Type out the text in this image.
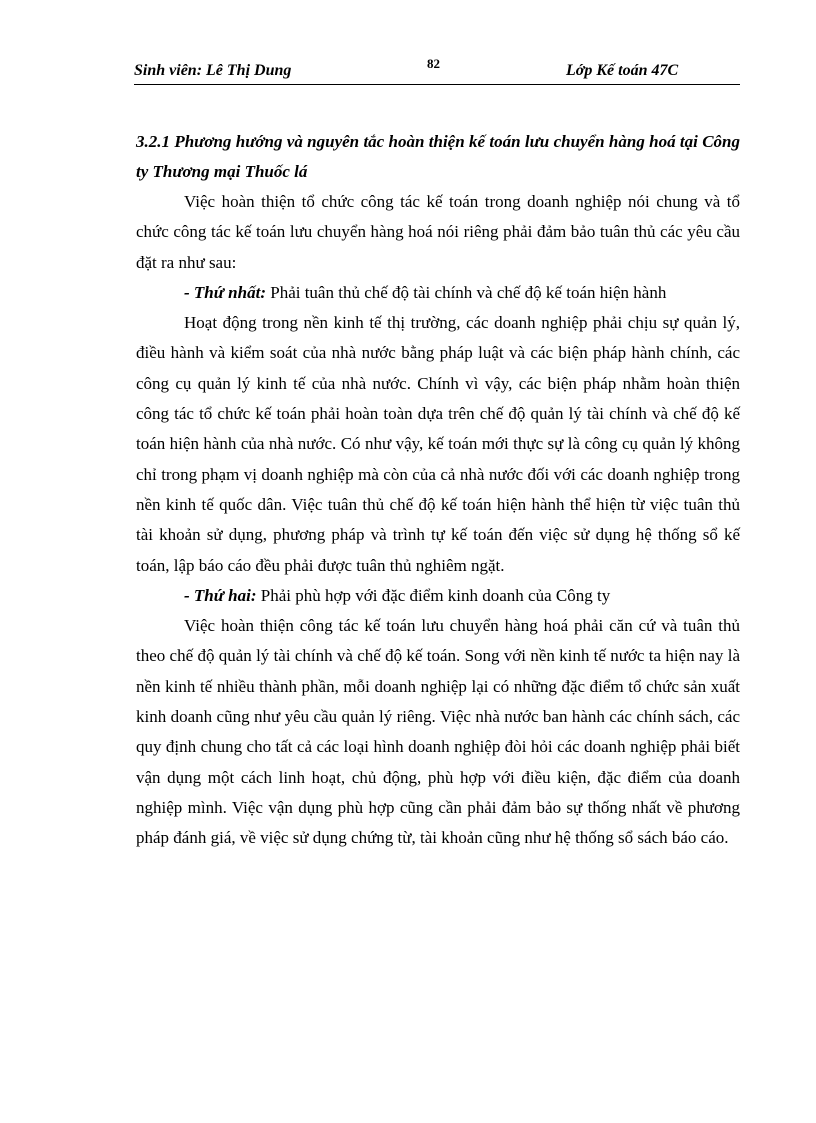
Sinh viên: Lê Thị Dung	82	Lớp Kế toán 47C

3.2.1 Phương hướng và nguyên tắc hoàn thiện kế toán lưu chuyển hàng hoá tại Công ty Thương mại Thuốc lá

Việc hoàn thiện tổ chức công tác kế toán trong doanh nghiệp nói chung và tổ chức công tác kế toán lưu chuyển hàng hoá nói riêng phải đảm bảo tuân thủ các yêu cầu đặt ra như sau:

- Thứ nhất: Phải tuân thủ chế độ tài chính và chế độ kế toán hiện hành

Hoạt động trong nền kinh tế thị trường, các doanh nghiệp phải chịu sự quản lý, điều hành và kiểm soát của nhà nước bằng pháp luật và các biện pháp hành chính, các công cụ quản lý kinh tế của nhà nước. Chính vì vậy, các biện pháp nhằm hoàn thiện công tác tổ chức kế toán phải hoàn toàn dựa trên chế độ quản lý tài chính và chế độ kế toán hiện hành của nhà nước. Có như vậy, kế toán mới thực sự là công cụ quản lý không chỉ trong phạm vị doanh nghiệp mà còn của cả nhà nước đối với các doanh nghiệp trong nền kinh tế quốc dân. Việc tuân thủ chế độ kế toán hiện hành thể hiện từ việc tuân thủ tài khoản sử dụng, phương pháp và trình tự kế toán đến việc sử dụng hệ thống sổ kế toán, lập báo cáo đều phải được tuân thủ nghiêm ngặt.

- Thứ hai: Phải phù hợp với đặc điểm kinh doanh của Công ty

Việc hoàn thiện công tác kế toán lưu chuyển hàng hoá phải căn cứ và tuân thủ theo chế độ quản lý tài chính và chế độ kế toán. Song với nền kinh tế nước ta hiện nay là nền kinh tế nhiều thành phần, mỗi doanh nghiệp lại có những đặc điểm tổ chức sản xuất kinh doanh cũng như yêu cầu quản lý riêng. Việc nhà nước ban hành các chính sách, các quy định chung cho tất cả các loại hình doanh nghiệp đòi hỏi các doanh nghiệp phải biết vận dụng một cách linh hoạt, chủ động, phù hợp với điều kiện, đặc điểm của doanh nghiệp mình. Việc vận dụng phù hợp cũng cần phải đảm bảo sự thống nhất về phương pháp đánh giá, về việc sử dụng chứng từ, tài khoản cũng như hệ thống sổ sách báo cáo.
